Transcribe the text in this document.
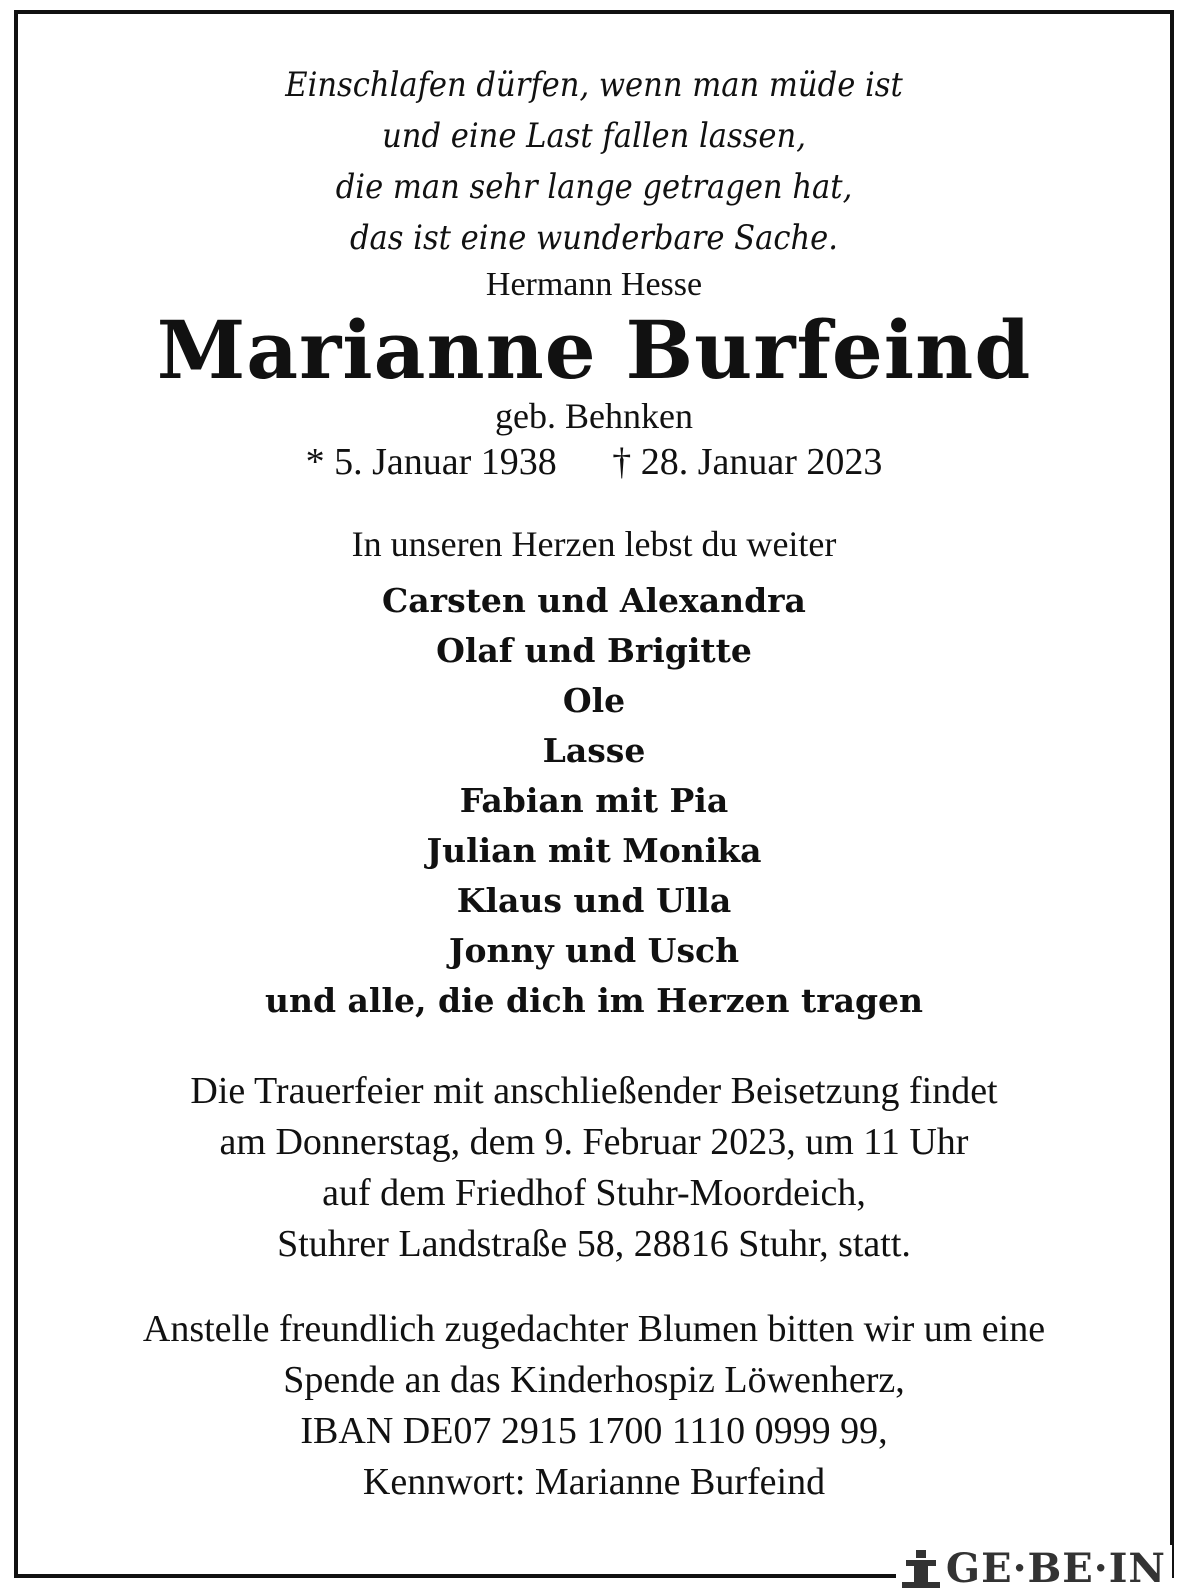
Einschlafen dürfen, wenn man müde ist
und eine Last fallen lassen,
die man sehr lange getragen hat,
das ist eine wunderbare Sache.
Hermann Hesse
Marianne Burfeind
geb. Behnken
* 5. Januar 1938 † 28. Januar 2023
In unseren Herzen lebst du weiter
Carsten und Alexandra
Olaf und Brigitte
Ole
Lasse
Fabian mit Pia
Julian mit Monika
Klaus und Ulla
Jonny und Usch
und alle, die dich im Herzen tragen
Die Trauerfeier mit anschließender Beisetzung findet
am Donnerstag, dem 9. Februar 2023, um 11 Uhr
auf dem Friedhof Stuhr-Moordeich,
Stuhrer Landstraße 58, 28816 Stuhr, statt.
Anstelle freundlich zugedachter Blumen bitten wir um eine
Spende an das Kinderhospiz Löwenherz,
IBAN DE07 2915 1700 1110 0999 99,
Kennwort: Marianne Burfeind
GE·BE·IN
